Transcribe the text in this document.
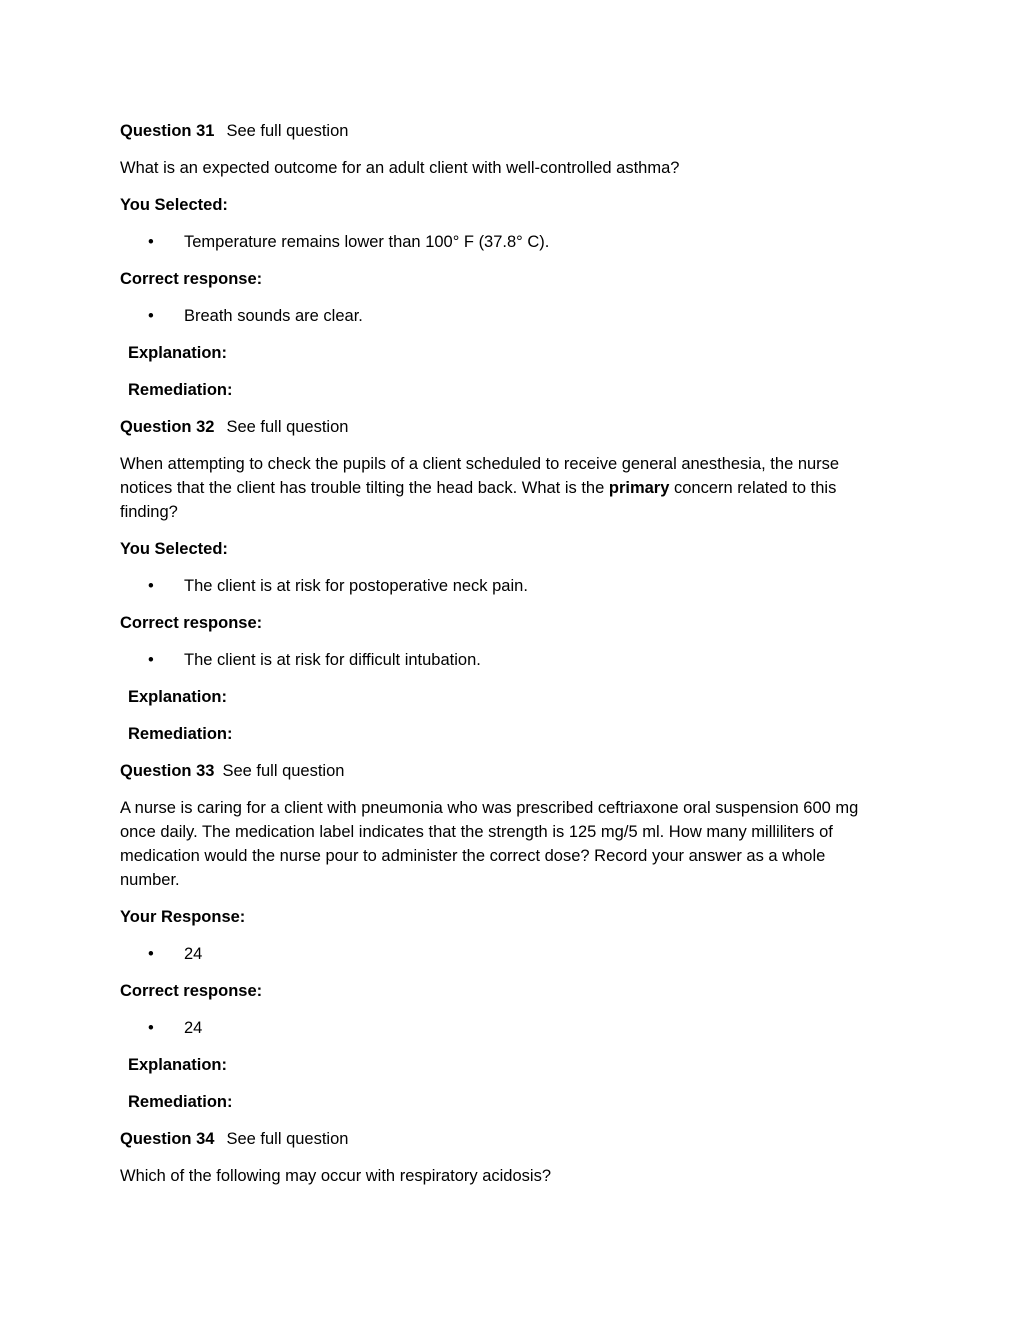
Question 31 See full question

What is an expected outcome for an adult client with well-controlled asthma?

You Selected:

• Temperature remains lower than 100° F (37.8° C).

Correct response:

• Breath sounds are clear.

Explanation:

Remediation:

Question 32 See full question

When attempting to check the pupils of a client scheduled to receive general anesthesia, the nurse notices that the client has trouble tilting the head back. What is the primary concern related to this finding?

You Selected:

• The client is at risk for postoperative neck pain.

Correct response:

• The client is at risk for difficult intubation.

Explanation:

Remediation:

Question 33 See full question

A nurse is caring for a client with pneumonia who was prescribed ceftriaxone oral suspension 600 mg once daily. The medication label indicates that the strength is 125 mg/5 ml. How many milliliters of medication would the nurse pour to administer the correct dose? Record your answer as a whole number.

Your Response:

• 24

Correct response:

• 24

Explanation:

Remediation:

Question 34 See full question

Which of the following may occur with respiratory acidosis?
